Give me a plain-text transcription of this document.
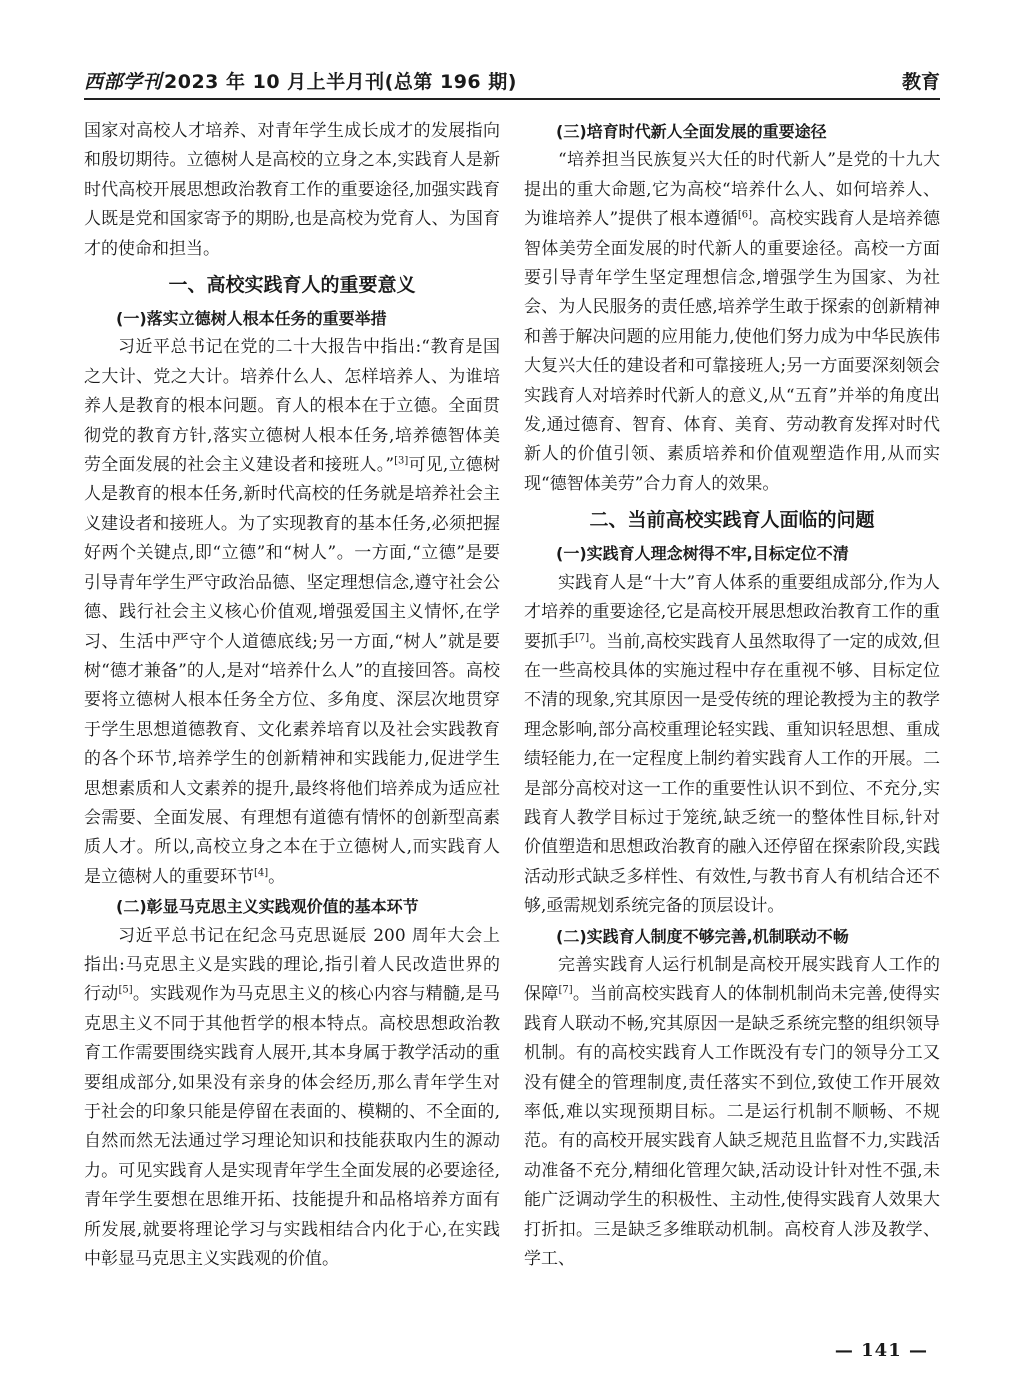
西部学刊 2023 年 10 月上半月刊(总第 196 期)	教育

国家对高校人才培养、对青年学生成长成才的发展指向和殷切期待。立德树人是高校的立身之本,实践育人是新时代高校开展思想政治教育工作的重要途径,加强实践育人既是党和国家寄予的期盼,也是高校为党育人、为国育才的使命和担当。

一、高校实践育人的重要意义
(一)落实立德树人根本任务的重要举措

习近平总书记在党的二十大报告中指出:“教育是国之大计、党之大计。培养什么人、怎样培养人、为谁培养人是教育的根本问题。育人的根本在于立德。全面贯彻党的教育方针,落实立德树人根本任务,培养德智体美劳全面发展的社会主义建设者和接班人。”[3]可见,立德树人是教育的根本任务,新时代高校的任务就是培养社会主义建设者和接班人。为了实现教育的基本任务,必须把握好两个关键点,即“立德”和“树人”。一方面,“立德”是要引导青年学生严守政治品德、坚定理想信念,遵守社会公德、践行社会主义核心价值观,增强爱国主义情怀,在学习、生活中严守个人道德底线;另一方面,“树人”就是要树“德才兼备”的人,是对“培养什么人”的直接回答。高校要将立德树人根本任务全方位、多角度、深层次地贯穿于学生思想道德教育、文化素养培育以及社会实践教育的各个环节,培养学生的创新精神和实践能力,促进学生思想素质和人文素养的提升,最终将他们培养成为适应社会需要、全面发展、有理想有道德有情怀的创新型高素质人才。所以,高校立身之本在于立德树人,而实践育人是立德树人的重要环节[4]。

(二)彰显马克思主义实践观价值的基本环节

习近平总书记在纪念马克思诞辰 200 周年大会上指出:马克思主义是实践的理论,指引着人民改造世界的行动[5]。实践观作为马克思主义的核心内容与精髓,是马克思主义不同于其他哲学的根本特点。高校思想政治教育工作需要围绕实践育人展开,其本身属于教学活动的重要组成部分,如果没有亲身的体会经历,那么青年学生对于社会的印象只能是停留在表面的、模糊的、不全面的,自然而然无法通过学习理论知识和技能获取内生的源动力。可见实践育人是实现青年学生全面发展的必要途径,青年学生要想在思维开拓、技能提升和品格培养方面有所发展,就要将理论学习与实践相结合内化于心,在实践中彰显马克思主义实践观的价值。

(三)培育时代新人全面发展的重要途径

“培养担当民族复兴大任的时代新人”是党的十九大提出的重大命题,它为高校“培养什么人、如何培养人、为谁培养人”提供了根本遵循[6]。高校实践育人是培养德智体美劳全面发展的时代新人的重要途径。高校一方面要引导青年学生坚定理想信念,增强学生为国家、为社会、为人民服务的责任感,培养学生敢于探索的创新精神和善于解决问题的应用能力,使他们努力成为中华民族伟大复兴大任的建设者和可靠接班人;另一方面要深刻领会实践育人对培养时代新人的意义,从“五育”并举的角度出发,通过德育、智育、体育、美育、劳动教育发挥对时代新人的价值引领、素质培养和价值观塑造作用,从而实现“德智体美劳”合力育人的效果。

二、当前高校实践育人面临的问题
(一)实践育人理念树得不牢,目标定位不清

实践育人是“十大”育人体系的重要组成部分,作为人才培养的重要途径,它是高校开展思想政治教育工作的重要抓手[7]。当前,高校实践育人虽然取得了一定的成效,但在一些高校具体的实施过程中存在重视不够、目标定位不清的现象,究其原因一是受传统的理论教授为主的教学理念影响,部分高校重理论轻实践、重知识轻思想、重成绩轻能力,在一定程度上制约着实践育人工作的开展。二是部分高校对这一工作的重要性认识不到位、不充分,实践育人教学目标过于笼统,缺乏统一的整体性目标,针对价值塑造和思想政治教育的融入还停留在探索阶段,实践活动形式缺乏多样性、有效性,与教书育人有机结合还不够,亟需规划系统完备的顶层设计。

(二)实践育人制度不够完善,机制联动不畅

完善实践育人运行机制是高校开展实践育人工作的保障[7]。当前高校实践育人的体制机制尚未完善,使得实践育人联动不畅,究其原因一是缺乏系统完整的组织领导机制。有的高校实践育人工作既没有专门的领导分工又没有健全的管理制度,责任落实不到位,致使工作开展效率低,难以实现预期目标。二是运行机制不顺畅、不规范。有的高校开展实践育人缺乏规范且监督不力,实践活动准备不充分,精细化管理欠缺,活动设计针对性不强,未能广泛调动学生的积极性、主动性,使得实践育人效果大打折扣。三是缺乏多维联动机制。高校育人涉及教学、学工、

— 141 —
